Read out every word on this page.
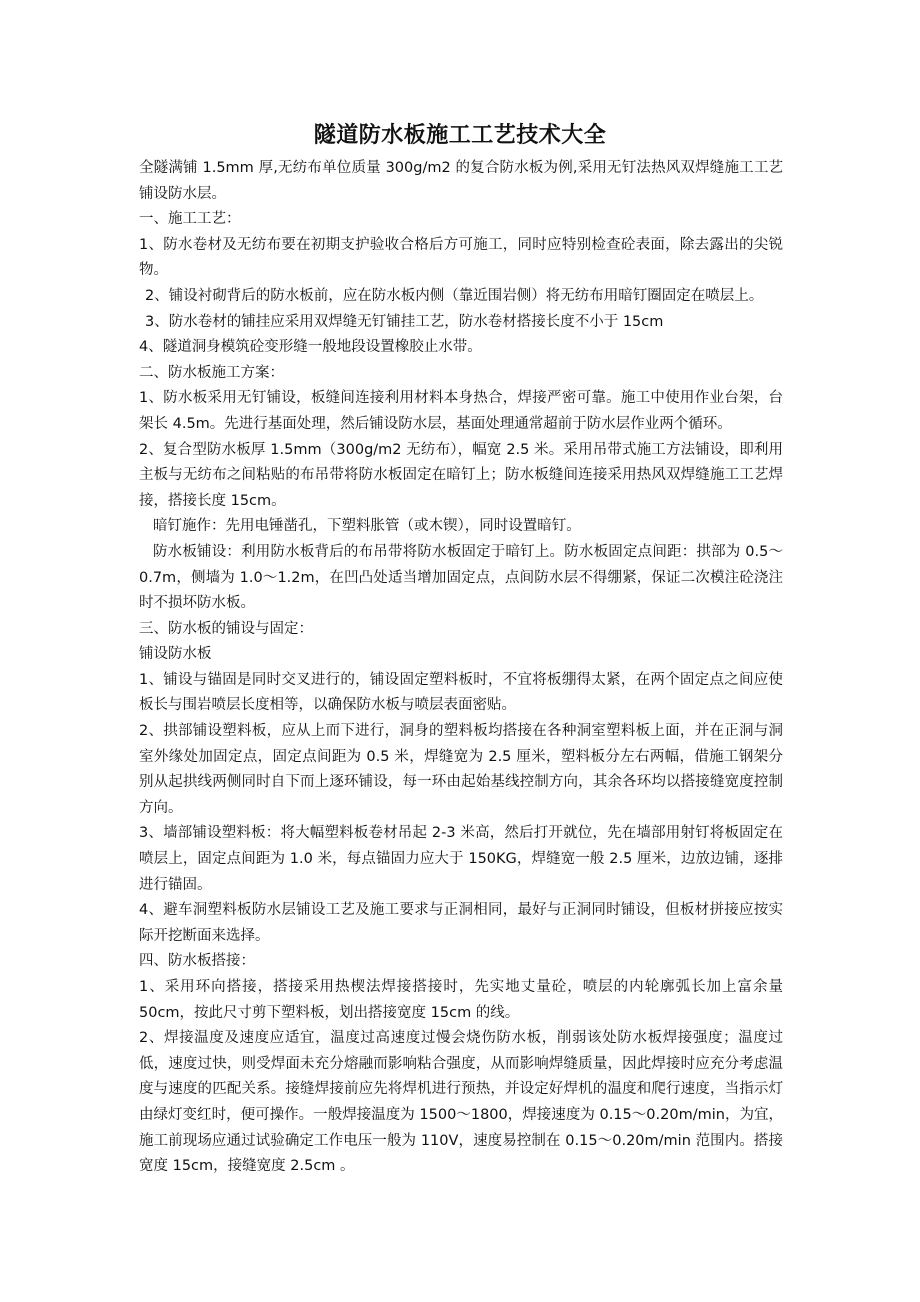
隧道防水板施工工艺技术大全

全隧满铺 1.5mm 厚,无纺布单位质量 300g/m2 的复合防水板为例,采用无钉法热风双焊缝施工工艺铺设防水层。

一、施工工艺：

1、防水卷材及无纺布要在初期支护验收合格后方可施工，同时应特别检查砼表面，除去露出的尖锐物。

2、铺设衬砌背后的防水板前，应在防水板内侧（靠近围岩侧）将无纺布用暗钉圈固定在喷层上。

3、防水卷材的铺挂应采用双焊缝无钉铺挂工艺，防水卷材搭接长度不小于 15cm

4、隧道洞身模筑砼变形缝一般地段设置橡胶止水带。

二、防水板施工方案：

1、防水板采用无钉铺设，板缝间连接利用材料本身热合，焊接严密可靠。施工中使用作业台架，台架长 4.5m。先进行基面处理，然后铺设防水层，基面处理通常超前于防水层作业两个循环。

2、复合型防水板厚 1.5mm（300g/m2 无纺布），幅宽 2.5 米。采用吊带式施工方法铺设，即利用主板与无纺布之间粘贴的布吊带将防水板固定在暗钉上；防水板缝间连接采用热风双焊缝施工工艺焊接，搭接长度 15cm。

暗钉施作：先用电锤凿孔，下塑料胀管（或木锲），同时设置暗钉。

防水板铺设：利用防水板背后的布吊带将防水板固定于暗钉上。防水板固定点间距：拱部为 0.5～0.7m，侧墙为 1.0～1.2m，在凹凸处适当增加固定点，点间防水层不得绷紧，保证二次模注砼浇注时不损坏防水板。

三、防水板的铺设与固定：

铺设防水板

1、铺设与锚固是同时交叉进行的，铺设固定塑料板时，不宜将板绷得太紧，在两个固定点之间应使板长与围岩喷层长度相等，以确保防水板与喷层表面密贴。

2、拱部铺设塑料板，应从上而下进行，洞身的塑料板均搭接在各种洞室塑料板上面，并在正洞与洞室外缘处加固定点，固定点间距为 0.5 米，焊缝宽为 2.5 厘米，塑料板分左右两幅，借施工钢架分别从起拱线两侧同时自下而上逐环铺设，每一环由起始基线控制方向，其余各环均以搭接缝宽度控制方向。

3、墙部铺设塑料板：将大幅塑料板卷材吊起 2-3 米高，然后打开就位，先在墙部用射钉将板固定在喷层上，固定点间距为 1.0 米，每点锚固力应大于 150KG，焊缝宽一般 2.5 厘米，边放边铺，逐排进行锚固。

4、避车洞塑料板防水层铺设工艺及施工要求与正洞相同，最好与正洞同时铺设，但板材拼接应按实际开挖断面来选择。

四、防水板搭接：

1、采用环向搭接，搭接采用热楔法焊接搭接时，先实地丈量砼，喷层的内轮廓弧长加上富余量 50cm，按此尺寸剪下塑料板，划出搭接宽度 15cm 的线。

2、焊接温度及速度应适宜，温度过高速度过慢会烧伤防水板，削弱该处防水板焊接强度；温度过低，速度过快，则受焊面未充分熔融而影响粘合强度，从而影响焊缝质量，因此焊接时应充分考虑温度与速度的匹配关系。接缝焊接前应先将焊机进行预热，并设定好焊机的温度和爬行速度，当指示灯由绿灯变红时，便可操作。一般焊接温度为 1500～1800，焊接速度为 0.15～0.20m/min，为宜，施工前现场应通过试验确定工作电压一般为 110V，速度易控制在 0.15～0.20m/min 范围内。搭接宽度 15cm，接缝宽度 2.5cm 。
